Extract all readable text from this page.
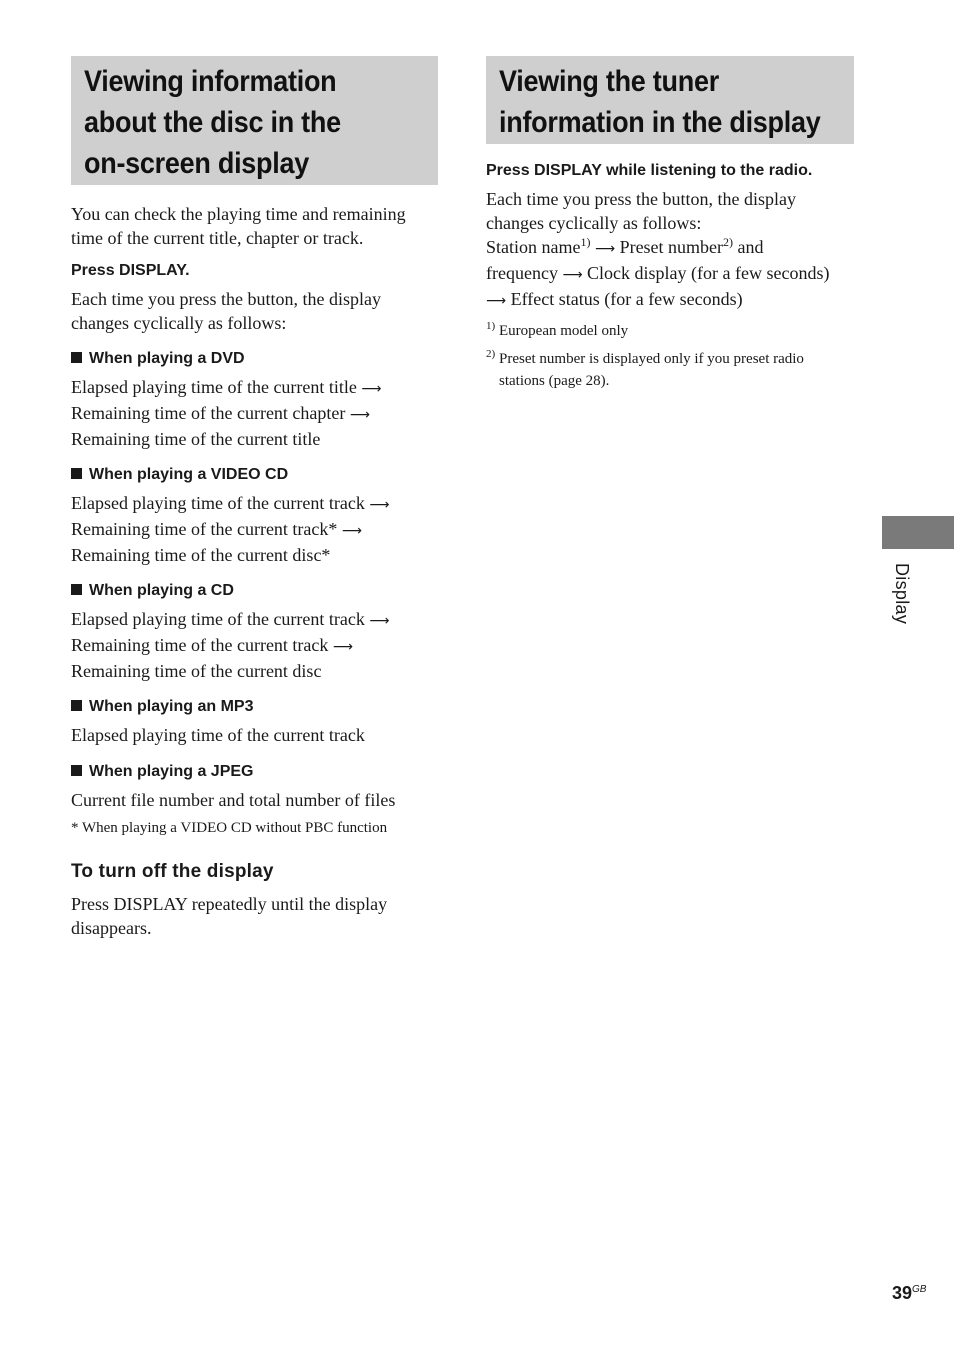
Viewing information
about the disc in the
on-screen display

You can check the playing time and remaining
time of the current title, chapter or track.

Press DISPLAY.

Each time you press the button, the display
changes cyclically as follows:

When playing a DVD

Elapsed playing time of the current title ⟶
Remaining time of the current chapter ⟶
Remaining time of the current title

When playing a VIDEO CD

Elapsed playing time of the current track ⟶
Remaining time of the current track* ⟶
Remaining time of the current disc*

When playing a CD

Elapsed playing time of the current track ⟶
Remaining time of the current track ⟶
Remaining time of the current disc

When playing an MP3

Elapsed playing time of the current track

When playing a JPEG

Current file number and total number of files

* When playing a VIDEO CD without PBC function

To turn off the display

Press DISPLAY repeatedly until the display
disappears.

Viewing the tuner
information in the display

Press DISPLAY while listening to the radio.

Each time you press the button, the display
changes cyclically as follows:

Station name$^{1)}$ ⟶ Preset number$^{2)}$ and
frequency ⟶ Clock display (for a few seconds)
⟶ Effect status (for a few seconds)

1) European model only

2) Preset number is displayed only if you preset radio
stations (page 28).

Display
$39^{GB}$
